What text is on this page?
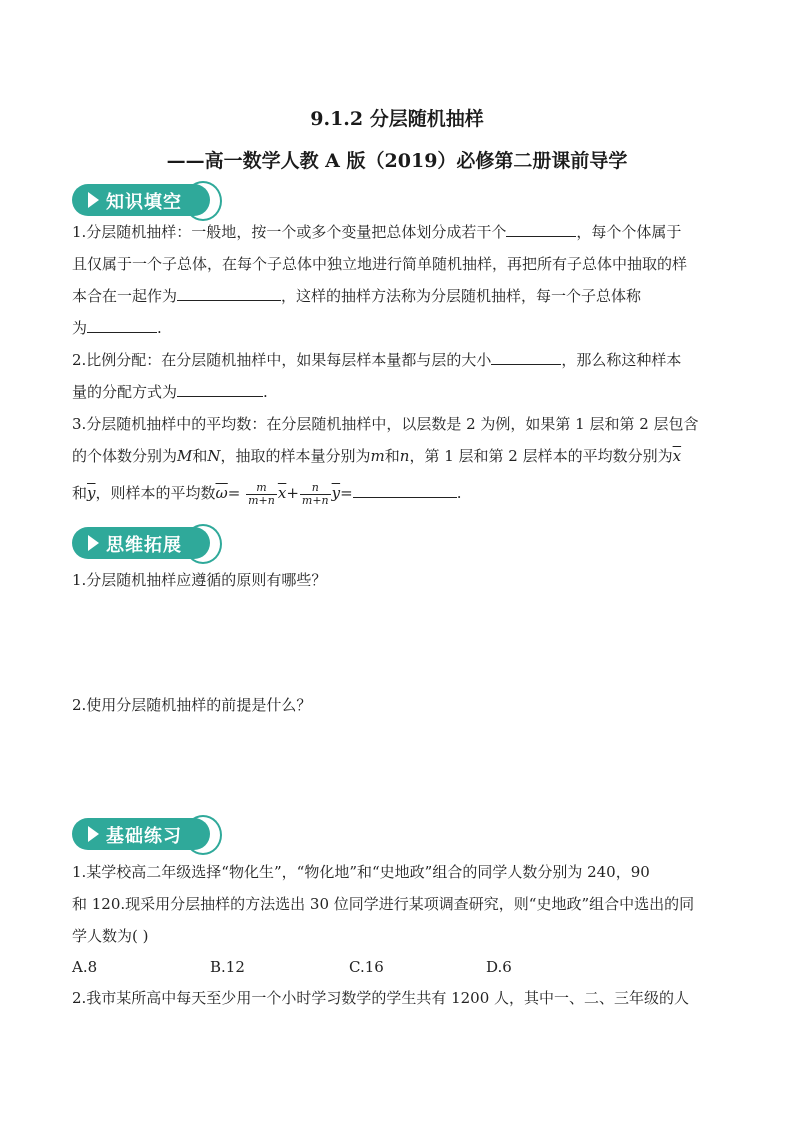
9.1.2 分层随机抽样
——高一数学人教 A 版（2019）必修第二册课前导学
知识填空
1.分层随机抽样：一般地，按一个或多个变量把总体划分成若干个	，每个个体属于
且仅属于一个子总体，在每个子总体中独立地进行简单随机抽样，再把所有子总体中抽取的样
本合在一起作为	，这样的抽样方法称为分层随机抽样，每一个子总体称
为	.
2.比例分配：在分层随机抽样中，如果每层样本量都与层的大小	，那么称这种样本
量的分配方式为	.
3.分层随机抽样中的平均数：在分层随机抽样中，以层数是 2 为例，如果第 1 层和第 2 层包含
的个体数分别为M和N，抽取的样本量分别为m和n，第 1 层和第 2 层样本的平均数分别为$\overline{x}$
和$\overline{y}$，则样本的平均数$\overline{\omega}= \frac{m}{m+n} \overline{x}+ \frac{n}{m+n} \overline{y}=$	.
思维拓展
1.分层随机抽样应遵循的原则有哪些？
2.使用分层随机抽样的前提是什么？
基础练习
1.某学校高二年级选择“物化生”，“物化地”和“史地政”组合的同学人数分别为 240，90
和 120.现采用分层抽样的方法选出 30 位同学进行某项调查研究，则“史地政”组合中选出的同
学人数为( )
A.8	B.12	C.16	D.6
2.我市某所高中每天至少用一个小时学习数学的学生共有 1200 人，其中一、二、三年级的人
